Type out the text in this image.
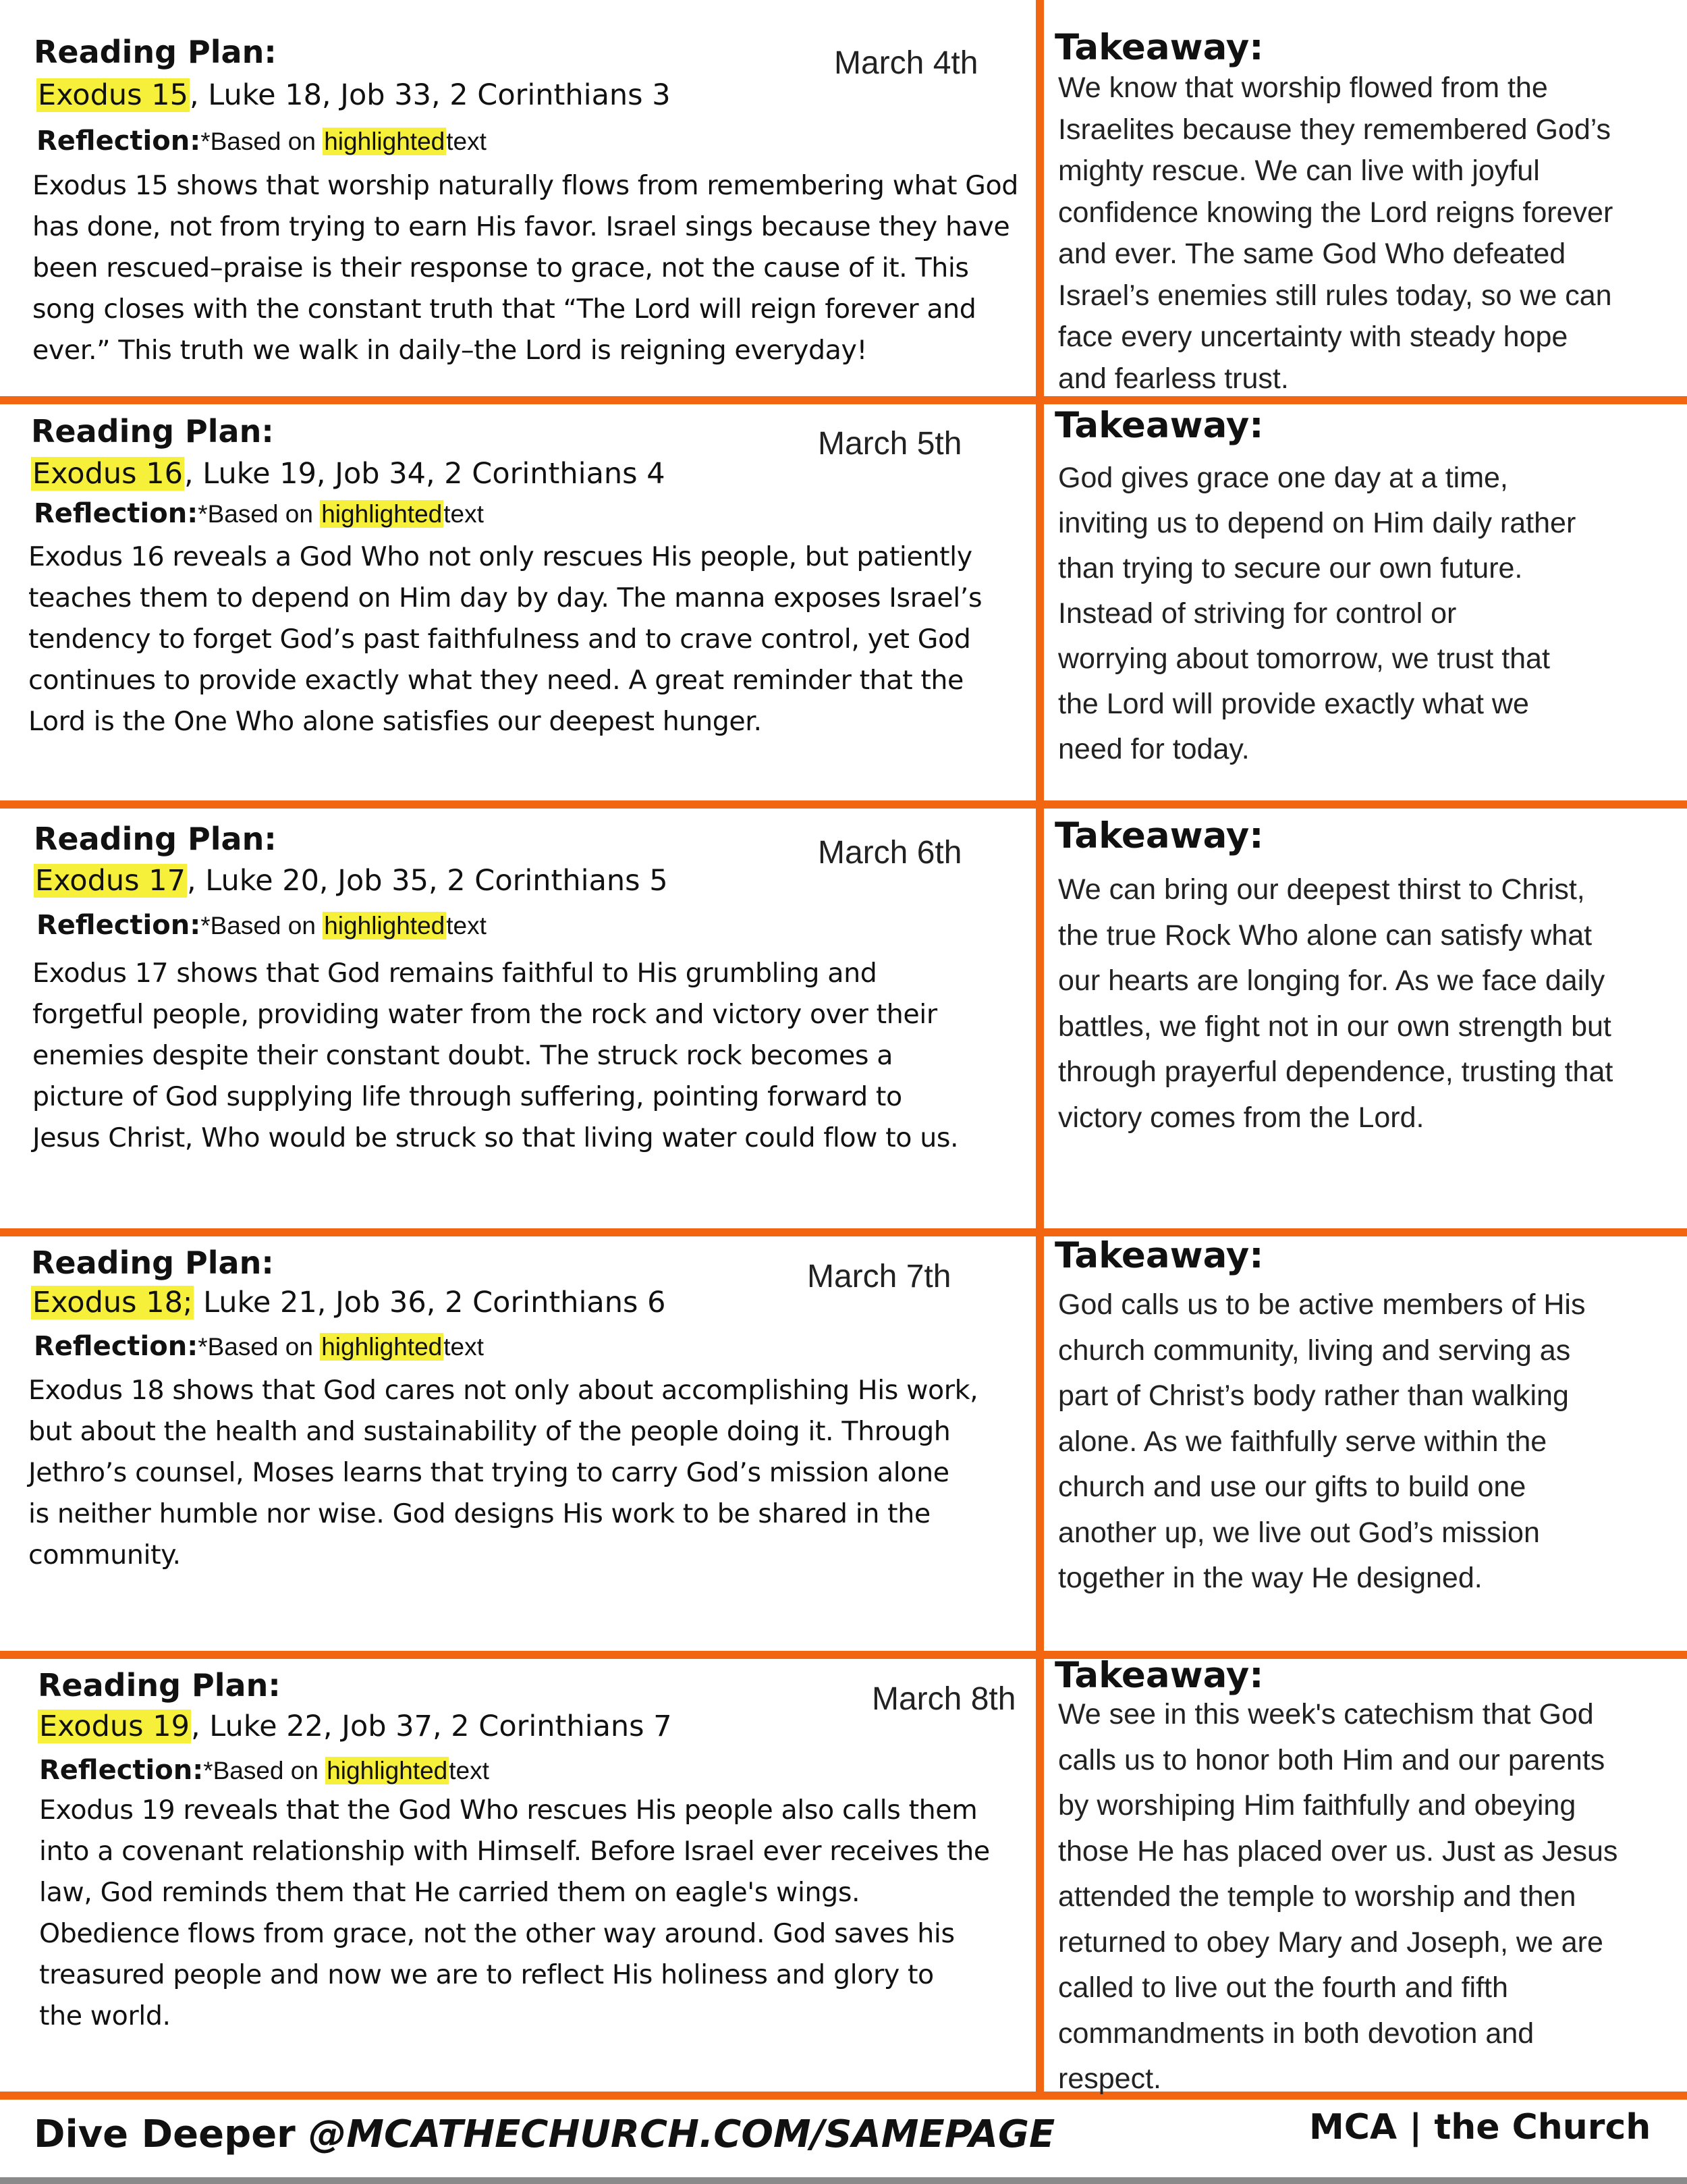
Reading Plan:	March 4th
Exodus 15, Luke 18, Job 33, 2 Corinthians 3
Reflection:*Based on highlightedtext
Exodus 15 shows that worship naturally flows from remembering what God
has done, not from trying to earn His favor. Israel sings because they have
been rescued–praise is their response to grace, not the cause of it. This
song closes with the constant truth that “The Lord will reign forever and
ever.” This truth we walk in daily–the Lord is reigning everyday!
Takeaway:
We know that worship flowed from the
Israelites because they remembered God’s
mighty rescue. We can live with joyful
confidence knowing the Lord reigns forever
and ever. The same God Who defeated
Israel’s enemies still rules today, so we can
face every uncertainty with steady hope
and fearless trust.
Reading Plan:	March 5th
Exodus 16, Luke 19, Job 34, 2 Corinthians 4
Reflection:*Based on highlightedtext
Exodus 16 reveals a God Who not only rescues His people, but patiently
teaches them to depend on Him day by day. The manna exposes Israel’s
tendency to forget God’s past faithfulness and to crave control, yet God
continues to provide exactly what they need. A great reminder that the
Lord is the One Who alone satisfies our deepest hunger.
Takeaway:
God gives grace one day at a time,
inviting us to depend on Him daily rather
than trying to secure our own future.
Instead of striving for control or
worrying about tomorrow, we trust that
the Lord will provide exactly what we
need for today.
Reading Plan:	March 6th
Exodus 17, Luke 20, Job 35, 2 Corinthians 5
Reflection:*Based on highlightedtext
Exodus 17 shows that God remains faithful to His grumbling and
forgetful people, providing water from the rock and victory over their
enemies despite their constant doubt. The struck rock becomes a
picture of God supplying life through suffering, pointing forward to
Jesus Christ, Who would be struck so that living water could flow to us.
Takeaway:
We can bring our deepest thirst to Christ,
the true Rock Who alone can satisfy what
our hearts are longing for. As we face daily
battles, we fight not in our own strength but
through prayerful dependence, trusting that
victory comes from the Lord.
Reading Plan:	March 7th
Exodus 18; Luke 21, Job 36, 2 Corinthians 6
Reflection:*Based on highlightedtext
Exodus 18 shows that God cares not only about accomplishing His work,
but about the health and sustainability of the people doing it. Through
Jethro’s counsel, Moses learns that trying to carry God’s mission alone
is neither humble nor wise. God designs His work to be shared in the
community.
Takeaway:
God calls us to be active members of His
church community, living and serving as
part of Christ’s body rather than walking
alone. As we faithfully serve within the
church and use our gifts to build one
another up, we live out God’s mission
together in the way He designed.
Reading Plan:	March 8th
Exodus 19, Luke 22, Job 37, 2 Corinthians 7
Reflection:*Based on highlightedtext
Exodus 19 reveals that the God Who rescues His people also calls them
into a covenant relationship with Himself. Before Israel ever receives the
law, God reminds them that He carried them on eagle's wings.
Obedience flows from grace, not the other way around. God saves his
treasured people and now we are to reflect His holiness and glory to
the world.
Takeaway:
We see in this week's catechism that God
calls us to honor both Him and our parents
by worshiping Him faithfully and obeying
those He has placed over us. Just as Jesus
attended the temple to worship and then
returned to obey Mary and Joseph, we are
called to live out the fourth and fifth
commandments in both devotion and
respect.
Dive Deeper @MCATHECHURCH.COM/SAMEPAGE	MCA | the Church
